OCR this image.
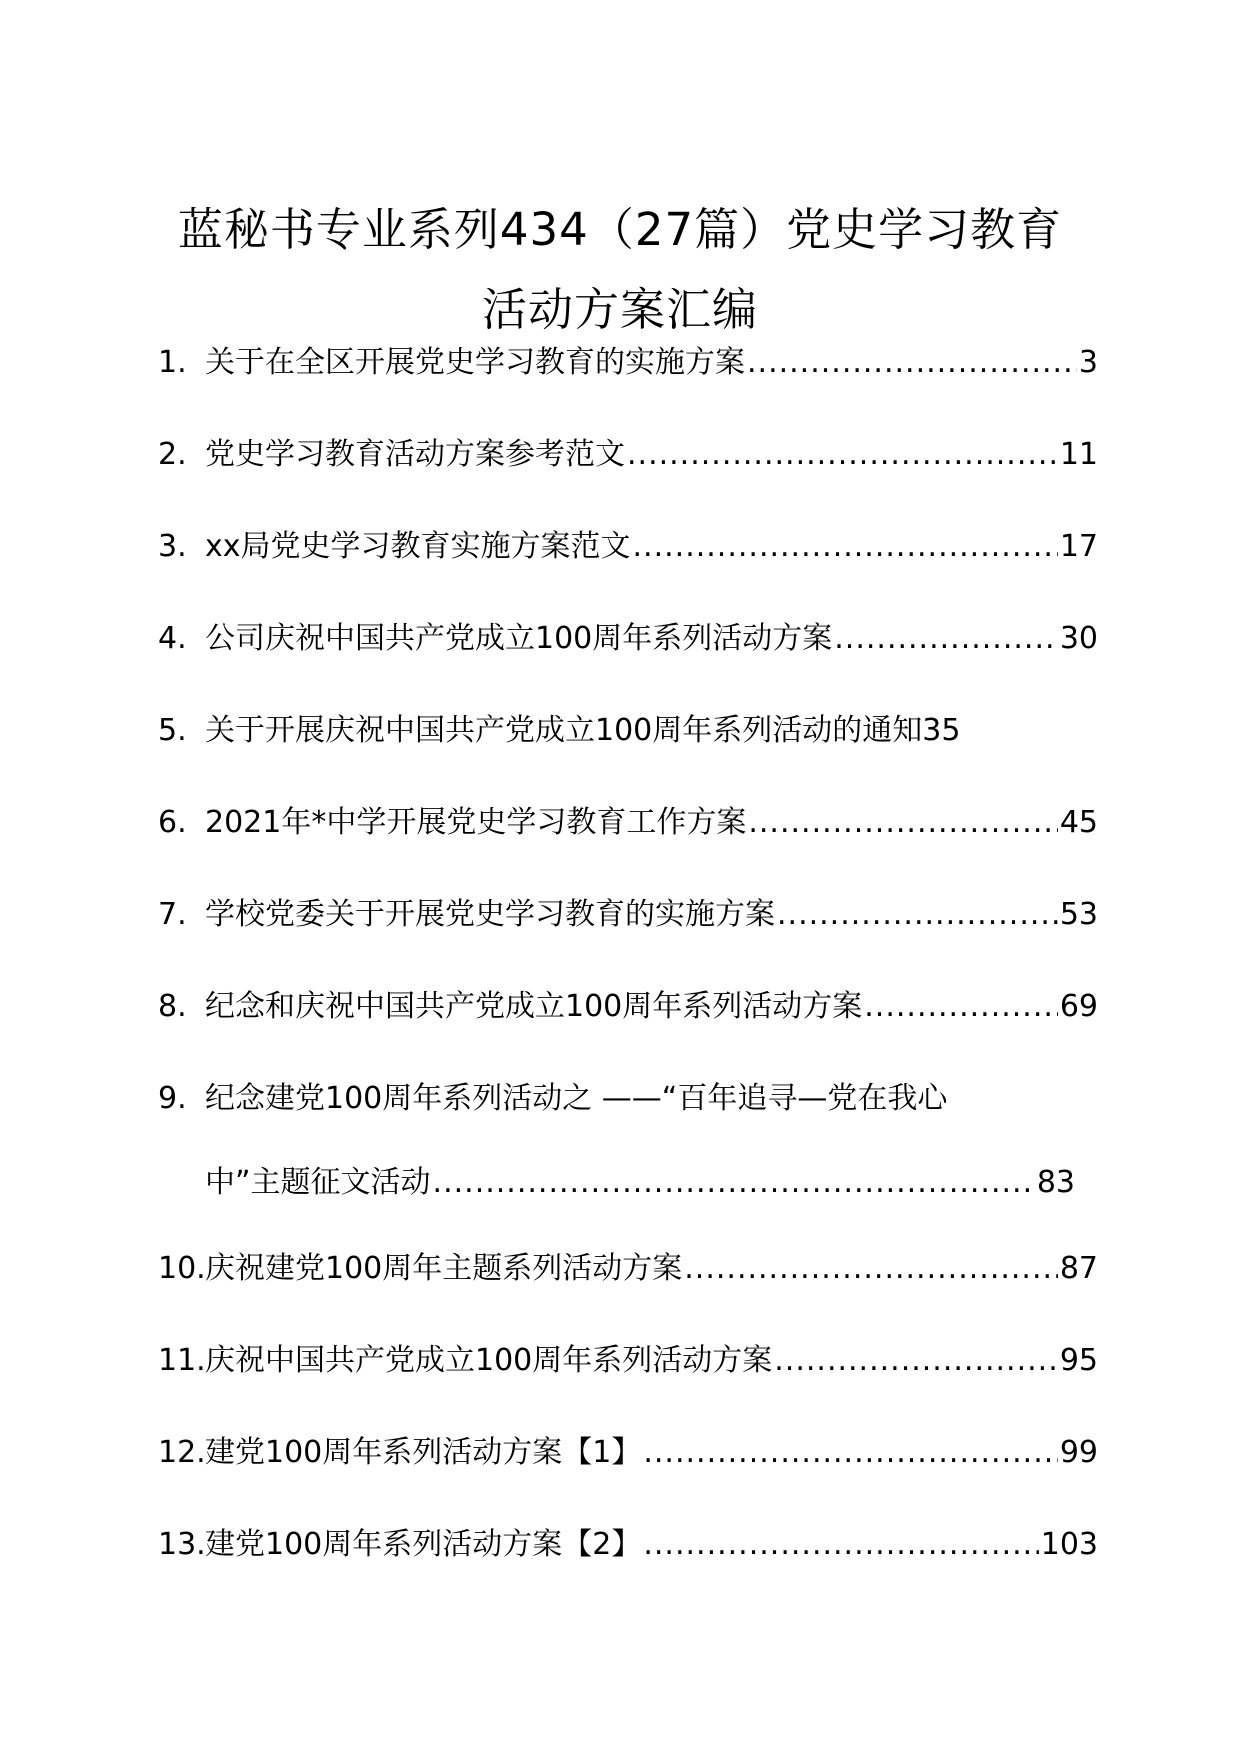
蓝秘书专业系列434（27篇）党史学习教育
活动方案汇编
1. 关于在全区开展党史学习教育的实施方案 .....	3
2. 党史学习教育活动方案参考范文 .....	11
3. xx局党史学习教育实施方案范文 .....	17
4. 公司庆祝中国共产党成立100周年系列活动方案 .....	30
5. 关于开展庆祝中国共产党成立100周年系列活动的通知 35
6. 2021年*中学开展党史学习教育工作方案 .....	45
7. 学校党委关于开展党史学习教育的实施方案 .....	53
8. 纪念和庆祝中国共产党成立100周年系列活动方案 .....	69
9. 纪念建党100周年系列活动之 ——“百年追寻—党在我心
中”主题征文活动 .....	83
10. 庆祝建党100周年主题系列活动方案 .....	87
11. 庆祝中国共产党成立100周年系列活动方案 .....	95
12. 建党100周年系列活动方案【1】 .....	99
13. 建党100周年系列活动方案【2】 .....	103
